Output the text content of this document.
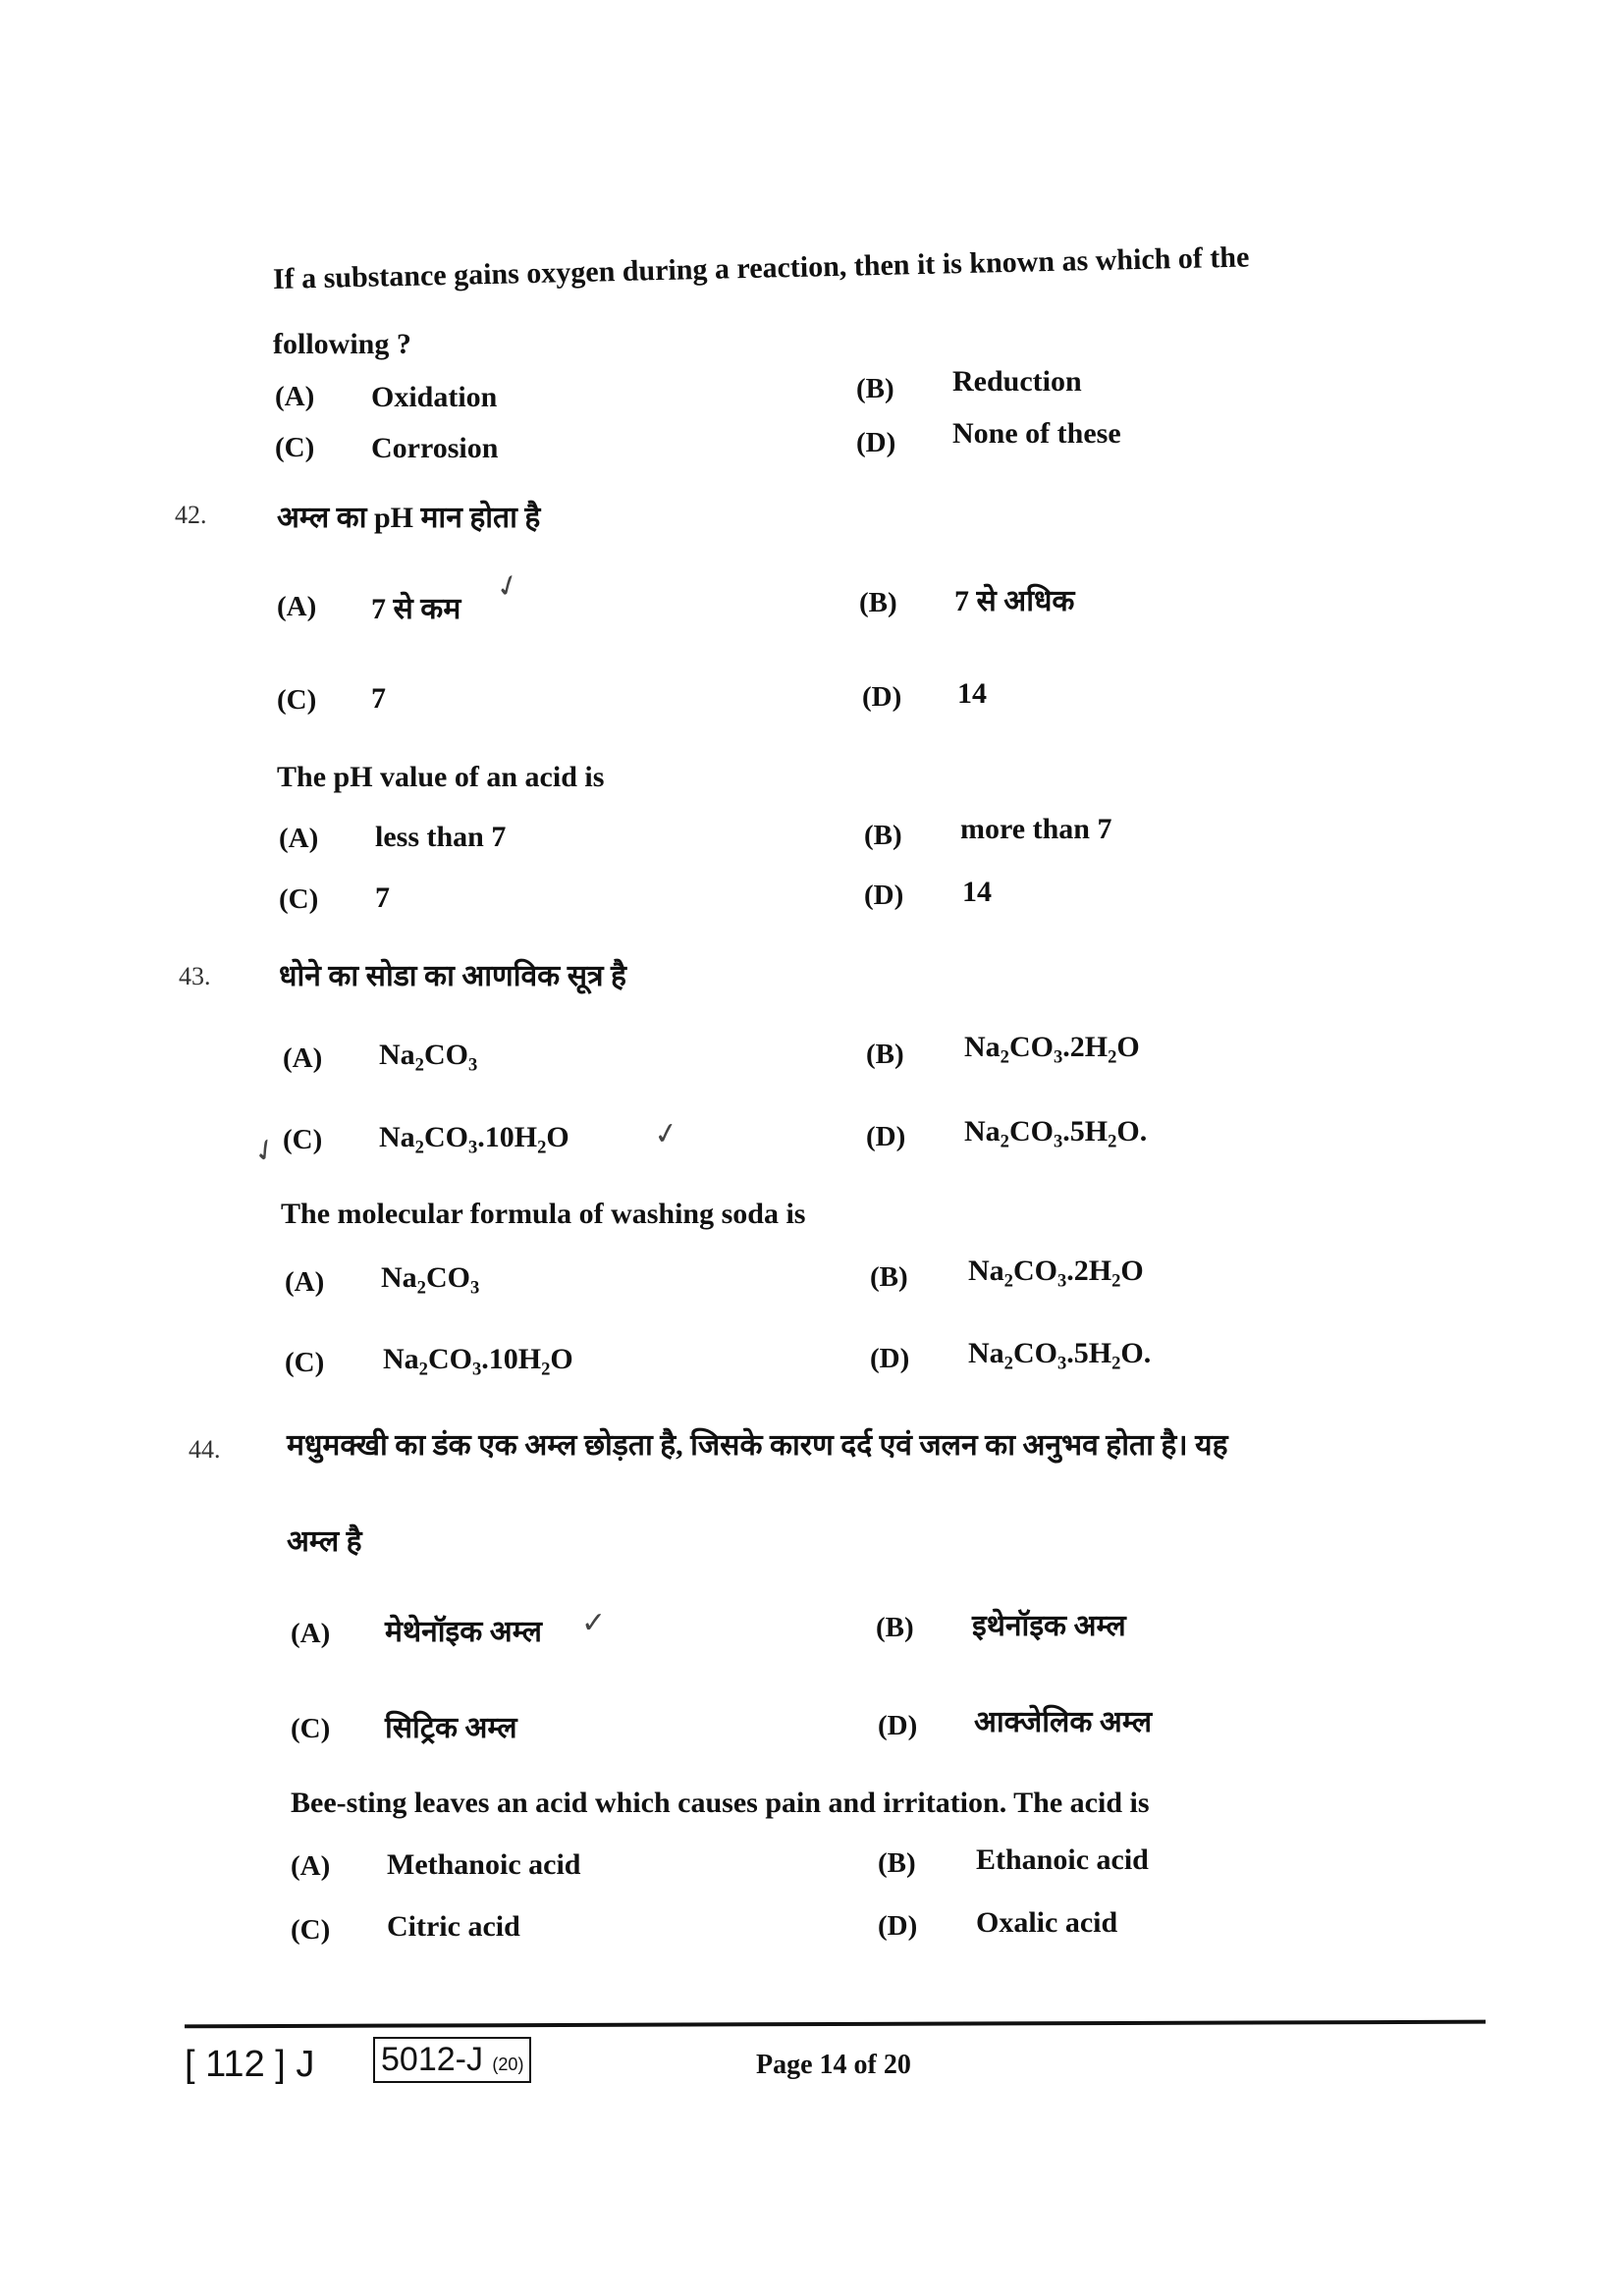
If a substance gains oxygen during a reaction, then it is known as which of the
following ?
(A) Oxidation	(B) Reduction
(C) Corrosion	(D) None of these
42. अम्ल का pH मान होता है
(A) 7 से कम
✓	(B) 7 से अधिक
(C) 7	(D) 14
The pH value of an acid is
(A) less than 7	(B) more than 7
(C) 7	(D) 14
43. धोने का सोडा का आणविक सूत्र है
(A) $Na_2CO_3$	(B) $Na_2CO_3.2H_2O$
✓
(C) $Na_2CO_3.10H_2O$	✓	(D) $Na_2CO_3.5H_2O$.
The molecular formula of washing soda is
(A) $Na_2CO_3$	(B) $Na_2CO_3.2H_2O$
(C) $Na_2CO_3.10H_2O$	(D) $Na_2CO_3.5H_2O$.
44. मधुमक्खी का डंक एक अम्ल छोड़ता है, जिसके कारण दर्द एवं जलन का अनुभव होता है। यह
अम्ल है
(A) मेथेनॉइक अम्ल ✓	(B) इथेनॉइक अम्ल
(C) सिट्रिक अम्ल	(D) आक्जेलिक अम्ल
Bee-sting leaves an acid which causes pain and irritation. The acid is
(A) Methanoic acid	(B) Ethanoic acid
(C) Citric acid	(D) Oxalic acid
[ 112 ] J 5012-J (20)	Page 14 of 20
